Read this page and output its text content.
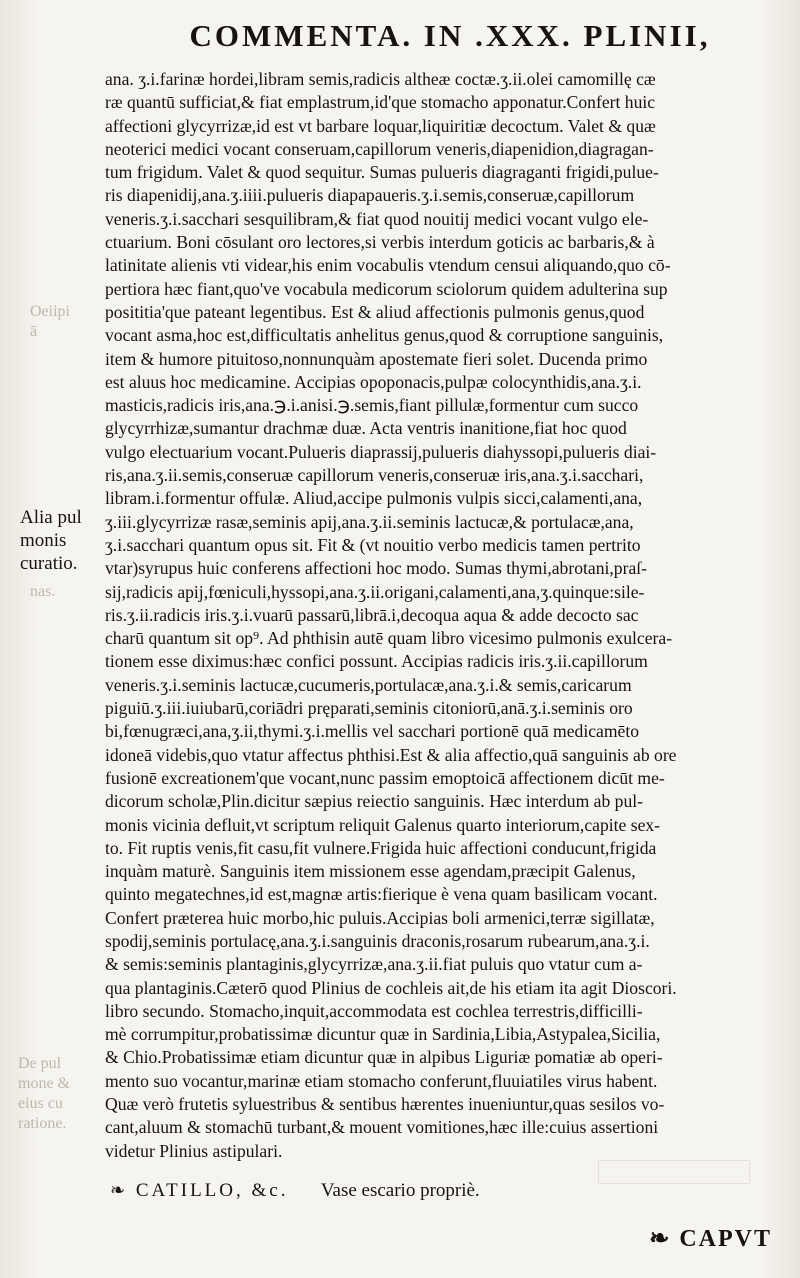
COMMENTA. IN .XXX. PLINII,
Oeiipi
ā
nas.
De pul
mone &
eius cu
ratione.
Alia pul
monis
curatio.
ana. ʒ.i.farinæ hordei,libram semis,radicis altheæ coctæ.ʒ.ii.olei camomillę cæ
ræ quantū sufficiat,& fiat emplastrum,id'que stomacho apponatur.Confert huic
affectioni glycyrrizæ,id est vt barbare loquar,liquiritiæ decoctum. Valet & quæ
neoterici medici vocant conseruam,capillorum veneris,diapenidion,diagragan-
tum frigidum. Valet & quod sequitur. Sumas pulueris diagraganti frigidi,pulue-
ris diapenidij,ana.ʒ.iiii.pulueris diapapaueris.ʒ.i.semis,conseruæ,capillorum
veneris.ʒ.i.sacchari sesquilibram,& fiat quod nouitij medici vocant vulgo ele-
ctuarium. Boni cōsulant oro lectores,si verbis interdum goticis ac barbaris,& à
latinitate alienis vti videar,his enim vocabulis vtendum censui aliquando,quo cō-
pertiora hæc fiant,quo've vocabula medicorum sciolorum quidem adulterina sup
posititia'que pateant legentibus. Est & aliud affectionis pulmonis genus,quod
vocant asma,hoc est,difficultatis anhelitus genus,quod & corruptione sanguinis,
item & humore pituitoso,nonnunquàm apostemate fieri solet. Ducenda primo
est aluus hoc medicamine. Accipias opoponacis,pulpæ colocynthidis,ana.ʒ.i.
masticis,radicis iris,ana.℈.i.anisi.℈.semis,fiant pillulæ,formentur cum succo
glycyrrhizæ,sumantur drachmæ duæ. Acta ventris inanitione,fiat hoc quod
vulgo electuarium vocant.Pulueris diaprassij,pulueris diahyssopi,pulueris diai-
ris,ana.ʒ.ii.semis,conseruæ capillorum veneris,conseruæ iris,ana.ʒ.i.sacchari,
libram.i.formentur offulæ. Aliud,accipe pulmonis vulpis sicci,calamenti,ana,
ʒ.iii.glycyrrizæ rasæ,seminis apij,ana.ʒ.ii.seminis lactucæ,& portulacæ,ana,
ʒ.i.sacchari quantum opus sit. Fit & (vt nouitio verbo medicis tamen pertrito
vtar)syrupus huic conferens affectioni hoc modo. Sumas thymi,abrotani,praſ-
sij,radicis apij,fœniculi,hyssopi,ana.ʒ.ii.origani,calamenti,ana,ʒ.quinque:sile-
ris.ʒ.ii.radicis iris.ʒ.i.vuarū passarū,librā.i,decoqua aqua & adde decocto sac
charū quantum sit op⁹. Ad phthisin autē quam libro vicesimo pulmonis exulcera-
tionem esse diximus:hæc confici possunt. Accipias radicis iris.ʒ.ii.capillorum
veneris.ʒ.i.seminis lactucæ,cucumeris,portulacæ,ana.ʒ.i.& semis,caricarum
piguiū.ʒ.iii.iuiubarū,coriādri pręparati,seminis citoniorū,anā.ʒ.i.seminis oro
bi,fœnugræci,ana,ʒ.ii,thymi.ʒ.i.mellis vel sacchari portionē quā medicamēto
idoneā videbis,quo vtatur affectus phthisi.Est & alia affectio,quā sanguinis ab ore
fusionē excreationem'que vocant,nunc passim emoptoicā affectionem dicūt me-
dicorum scholæ,Plin.dicitur sæpius reiectio sanguinis. Hæc interdum ab pul-
monis vicinia defluit,vt scriptum reliquit Galenus quarto interiorum,capite sex-
to. Fit ruptis venis,fit casu,fit vulnere.Frigida huic affectioni conducunt,frigida
inquàm maturè. Sanguinis item missionem esse agendam,præcipit Galenus,
quinto megatechnes,id est,magnæ artis:fierique è vena quam basilicam vocant.
Confert præterea huic morbo,hic puluis.Accipias boli armenici,terræ sigillatæ,
spodij,seminis portulacę,ana.ʒ.i.sanguinis draconis,rosarum rubearum,ana.ʒ.i.
& semis:seminis plantaginis,glycyrrizæ,ana.ʒ.ii.fiat puluis quo vtatur cum a-
qua plantaginis.Cæterō quod Plinius de cochleis ait,de his etiam ita agit Dioscori.
libro secundo. Stomacho,inquit,accommodata est cochlea terrestris,difficilli-
mè corrumpitur,probatissimæ dicuntur quæ in Sardinia,Libia,Astypalea,Sicilia,
& Chio.Probatissimæ etiam dicuntur quæ in alpibus Liguriæ pomatiæ ab operi-
mento suo vocantur,marinæ etiam stomacho conferunt,fluuiatiles virus habent.
Quæ verò frutetis syluestribus & sentibus hærentes inueniuntur,quas sesilos vo-
cant,aluum & stomachū turbant,& mouent vomitiones,hæc ille:cuius assertioni
videtur Plinius astipulari.
❧ CATILLO, &c. Vase escario propriè.
❧ CAPVT
